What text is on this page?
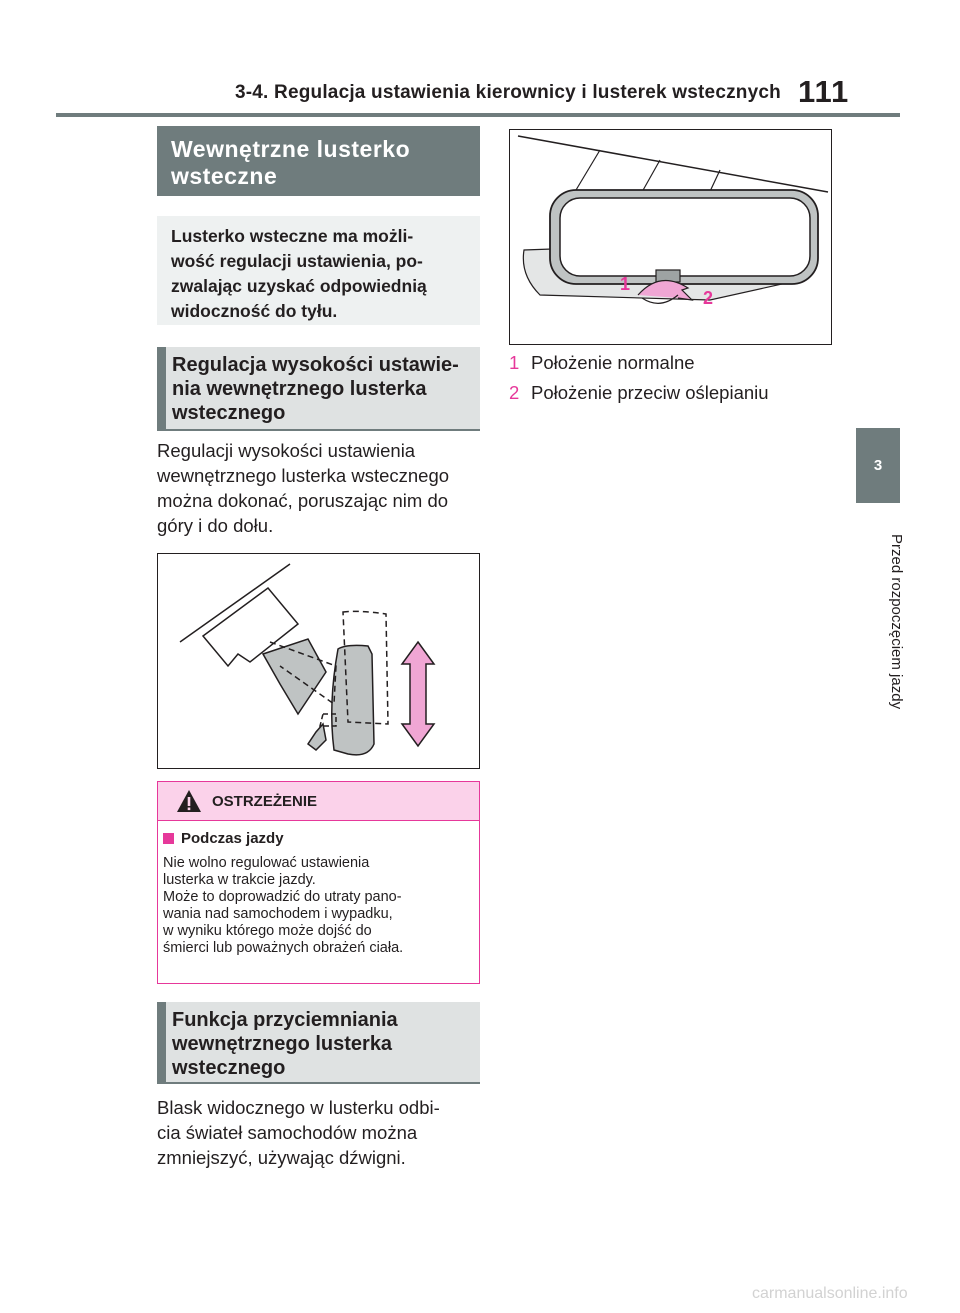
3-4. Regulacja ustawienia kierownicy i lusterek wstecznych 111
3
Przed rozpoczęciem jazdy
Wewnętrzne lusterko
wsteczne
Lusterko wsteczne ma możli-
wość regulacji ustawienia, po-
zwalając uzyskać odpowiednią
widoczność do tyłu.
Regulacja wysokości ustawie-
nia wewnętrznego lusterka
wstecznego
Regulacji wysokości ustawienia
wewnętrznego lusterka wstecznego
można dokonać, poruszając nim do
góry i do dołu.
OSTRZEŻENIE
Podczas jazdy
Nie wolno regulować ustawienia
lusterka w trakcie jazdy.
Może to doprowadzić do utraty pano-
wania nad samochodem i wypadku,
w wyniku którego może dojść do
śmierci lub poważnych obrażeń ciała.
Funkcja przyciemniania
wewnętrznego lusterka
wstecznego
Blask widocznego w lusterku odbi-
cia świateł samochodów można
zmniejszyć, używając dźwigni.
1
2
1 Położenie normalne
2 Położenie przeciw oślepianiu
carmanualsonline.info
